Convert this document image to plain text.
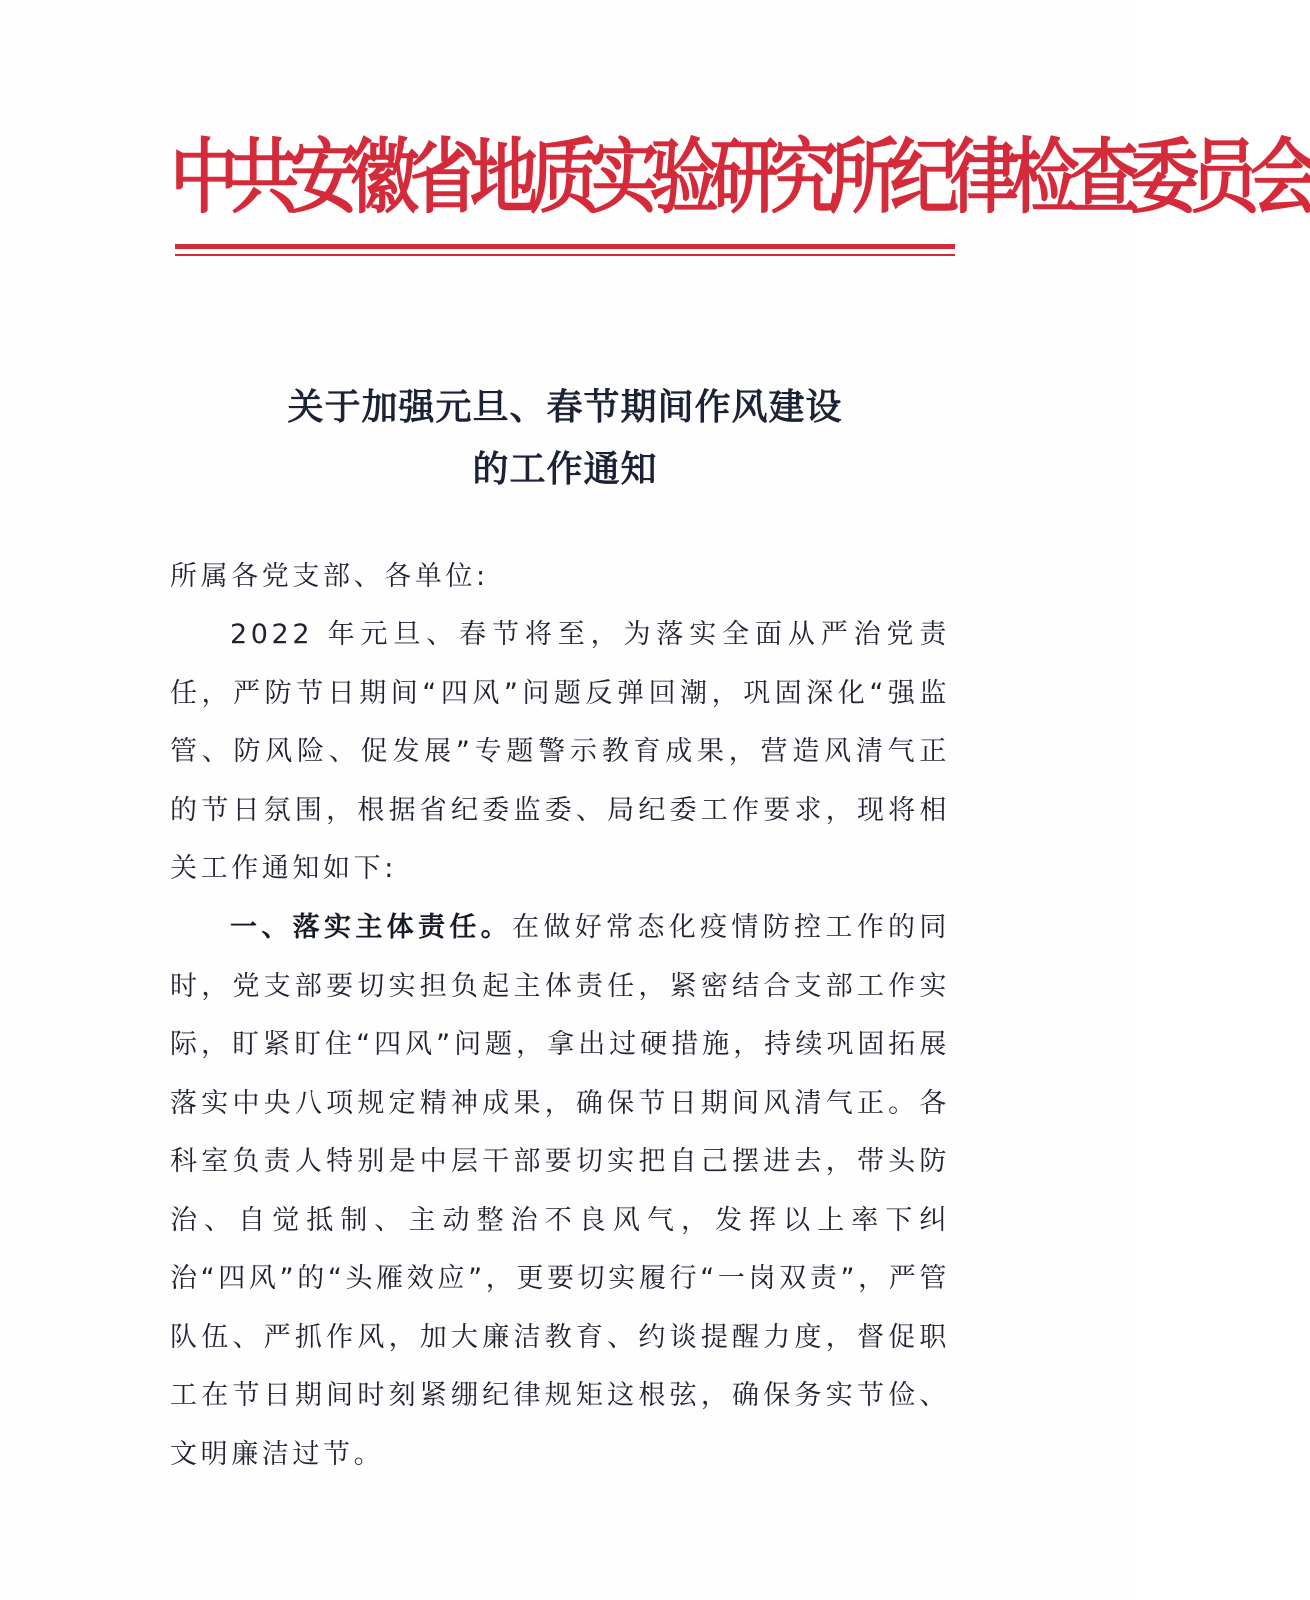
中共安徽省地质实验研究所纪律检查委员会
关于加强元旦、春节期间作风建设
的工作通知

所属各党支部、各单位:

2022 年元旦、春节将至，为落实全面从严治党责任，严防节日期间“四风”问题反弹回潮，巩固深化“强监管、防风险、促发展”专题警示教育成果，营造风清气正的节日氛围，根据省纪委监委、局纪委工作要求，现将相关工作通知如下:

一、落实主体责任。在做好常态化疫情防控工作的同时，党支部要切实担负起主体责任，紧密结合支部工作实际，盯紧盯住“四风”问题，拿出过硬措施，持续巩固拓展落实中央八项规定精神成果，确保节日期间风清气正。各科室负责人特别是中层干部要切实把自己摆进去，带头防治、自觉抵制、主动整治不良风气，发挥以上率下纠治“四风”的“头雁效应”，更要切实履行“一岗双责”，严管队伍、严抓作风，加大廉洁教育、约谈提醒力度，督促职工在节日期间时刻紧绷纪律规矩这根弦，确保务实节俭、文明廉洁过节。
